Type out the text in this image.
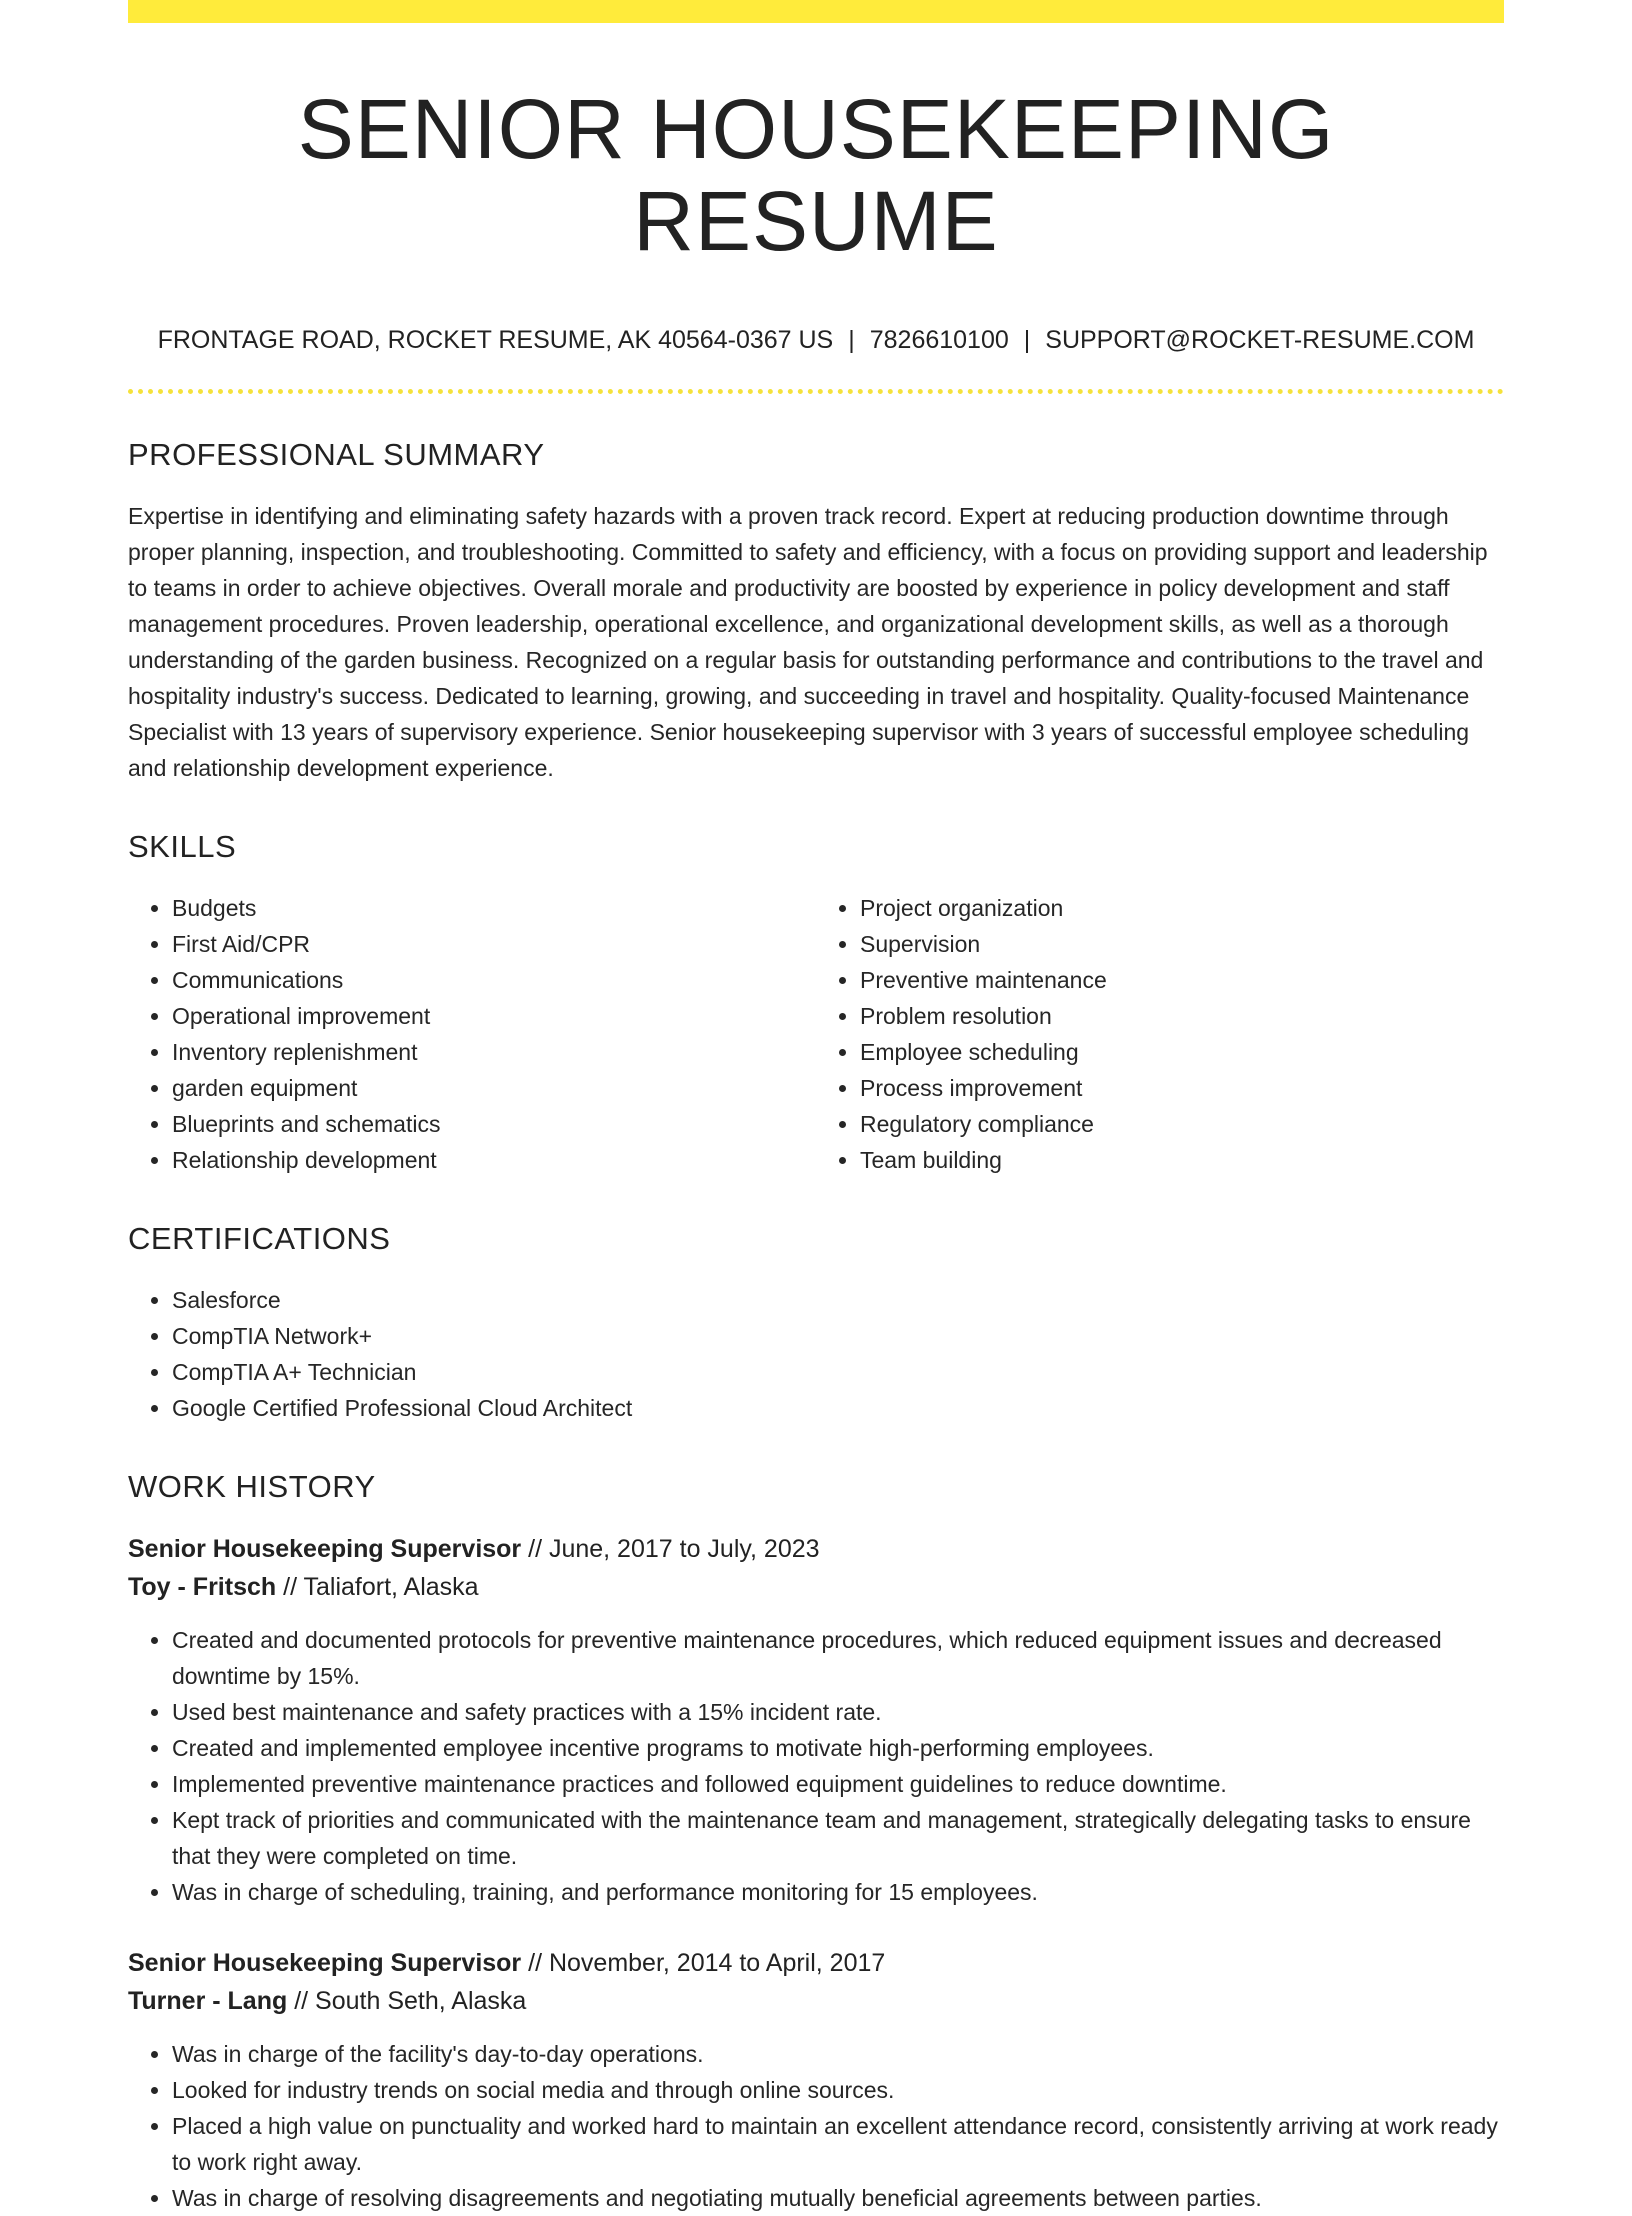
SENIOR HOUSEKEEPING RESUME
FRONTAGE ROAD, ROCKET RESUME, AK 40564-0367 US | 7826610100 | SUPPORT@ROCKET-RESUME.COM
PROFESSIONAL SUMMARY

Expertise in identifying and eliminating safety hazards with a proven track record. Expert at reducing production downtime through proper planning, inspection, and troubleshooting. Committed to safety and efficiency, with a focus on providing support and leadership to teams in order to achieve objectives. Overall morale and productivity are boosted by experience in policy development and staff management procedures. Proven leadership, operational excellence, and organizational development skills, as well as a thorough understanding of the garden business. Recognized on a regular basis for outstanding performance and contributions to the travel and hospitality industry's success. Dedicated to learning, growing, and succeeding in travel and hospitality. Quality-focused Maintenance Specialist with 13 years of supervisory experience. Senior housekeeping supervisor with 3 years of successful employee scheduling and relationship development experience.

SKILLS
• Budgets
• First Aid/CPR
• Communications
• Operational improvement
• Inventory replenishment
• garden equipment
• Blueprints and schematics
• Relationship development
• Project organization
• Supervision
• Preventive maintenance
• Problem resolution
• Employee scheduling
• Process improvement
• Regulatory compliance
• Team building
CERTIFICATIONS
• Salesforce
• CompTIA Network+
• CompTIA A+ Technician
• Google Certified Professional Cloud Architect
WORK HISTORY
Senior Housekeeping Supervisor // June, 2017 to July, 2023
Toy - Fritsch // Taliafort, Alaska
• Created and documented protocols for preventive maintenance procedures, which reduced equipment issues and decreased downtime by 15%.
• Used best maintenance and safety practices with a 15% incident rate.
• Created and implemented employee incentive programs to motivate high-performing employees.
• Implemented preventive maintenance practices and followed equipment guidelines to reduce downtime.
• Kept track of priorities and communicated with the maintenance team and management, strategically delegating tasks to ensure that they were completed on time.
• Was in charge of scheduling, training, and performance monitoring for 15 employees.
Senior Housekeeping Supervisor // November, 2014 to April, 2017
Turner - Lang // South Seth, Alaska
• Was in charge of the facility's day-to-day operations.
• Looked for industry trends on social media and through online sources.
• Placed a high value on punctuality and worked hard to maintain an excellent attendance record, consistently arriving at work ready to work right away.
• Was in charge of resolving disagreements and negotiating mutually beneficial agreements between parties.
